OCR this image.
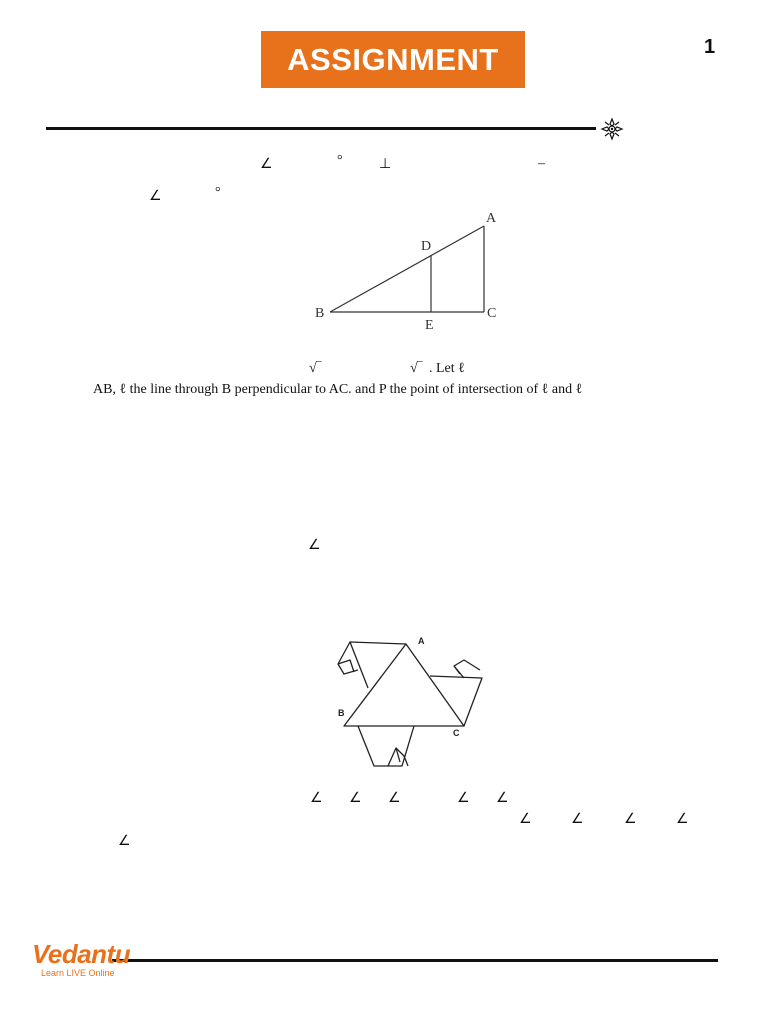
ASSIGNMENT	1
∠	°	⊥	–
∠	°
A
B	C
D
E
√‾	√‾ . Let ℓ
AB, ℓ the line through B perpendicular to AC. and P the point of intersection of ℓ and ℓ
∠
A
B
C
∠ ∠ ∠	∠ ∠
∠	∠	∠	∠
∠
Vedantu
Learn LIVE Online
